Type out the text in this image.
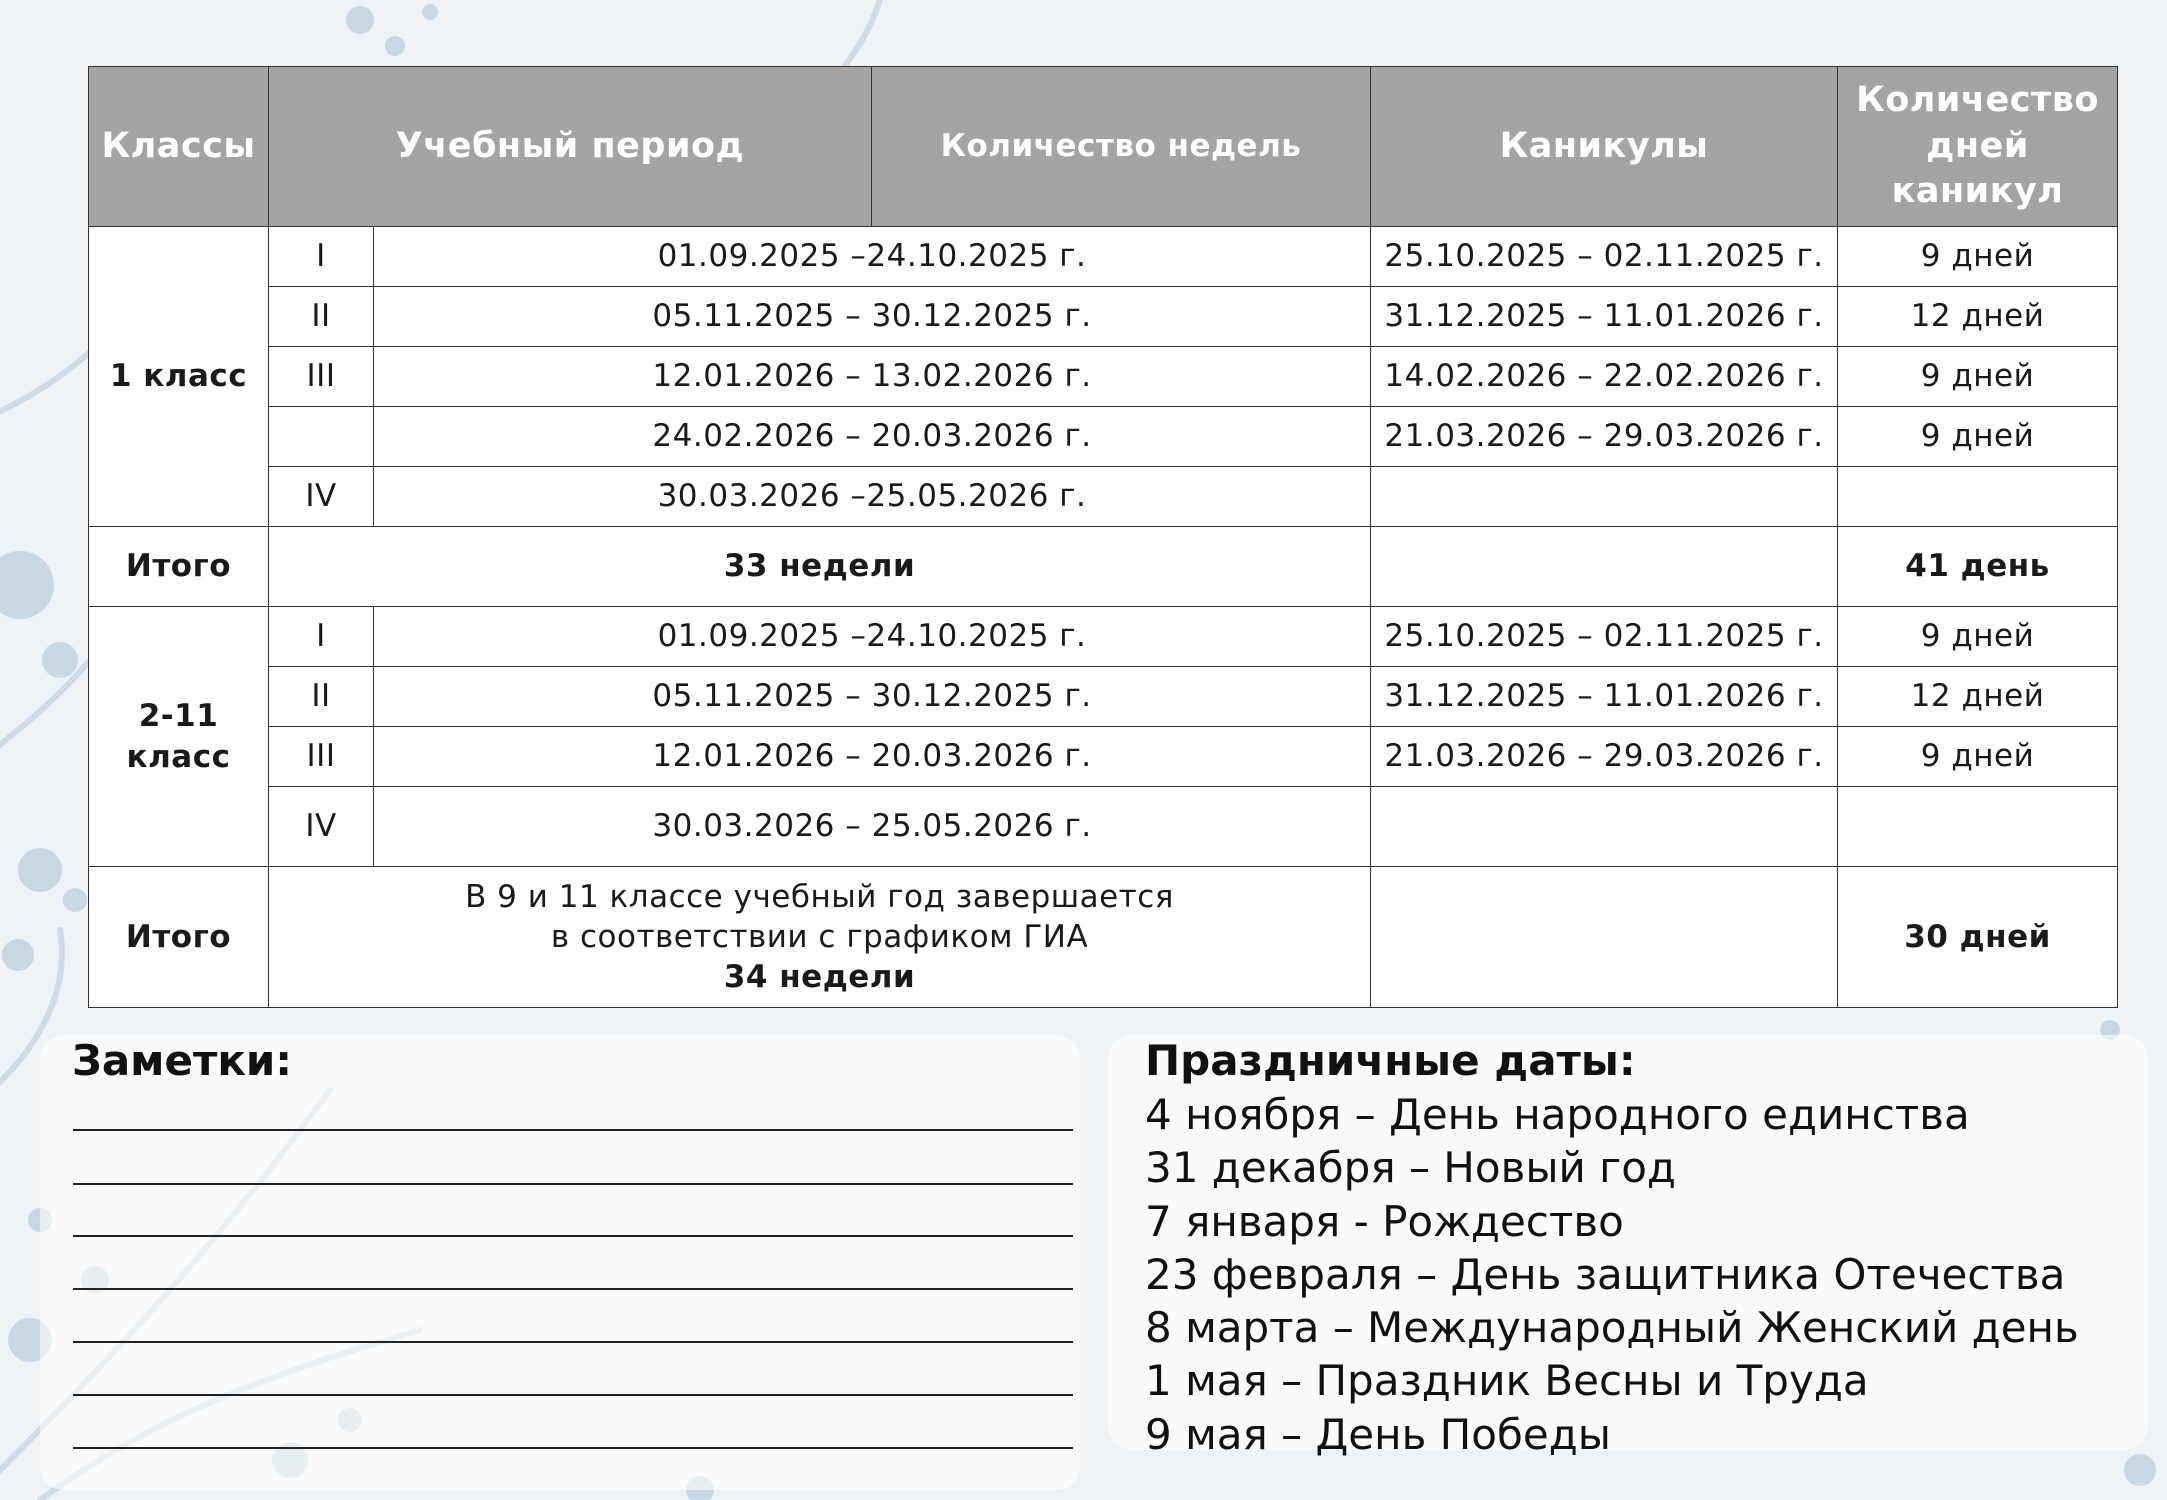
Классы	Учебный период		Количество недель	Каникулы	Количество
дней
каникул
1 класс	I	01.09.2025 –24.10.2025 г.		25.10.2025 – 02.11.2025 г.	9 дней
	II	05.11.2025 – 30.12.2025 г.		31.12.2025 – 11.01.2026 г.	12 дней
	III	12.01.2026 – 13.02.2026 г.		14.02.2026 – 22.02.2026 г.	9 дней
		24.02.2026 – 20.03.2026 г.		21.03.2026 – 29.03.2026 г.	9 дней
	IV	30.03.2026 –25.05.2026 г.			
Итого	33 недели				41 день
2-11
класс	I	01.09.2025 –24.10.2025 г.		25.10.2025 – 02.11.2025 г.	9 дней
	II	05.11.2025 – 30.12.2025 г.		31.12.2025 – 11.01.2026 г.	12 дней
	III	12.01.2026 – 20.03.2026 г.		21.03.2026 – 29.03.2026 г.	9 дней
	IV	30.03.2026 – 25.05.2026 г.			
Итого	В 9 и 11 классе учебный год завершается
в соответствии с графиком ГИА
34 недели				30 дней
Заметки:	Праздничные даты:
4 ноября – День народного единства
31 декабря – Новый год
7 января - Рождество
23 февраля – День защитника Отечества
8 марта – Международный Женский день
1 мая – Праздник Весны и Труда
9 мая – День Победы
